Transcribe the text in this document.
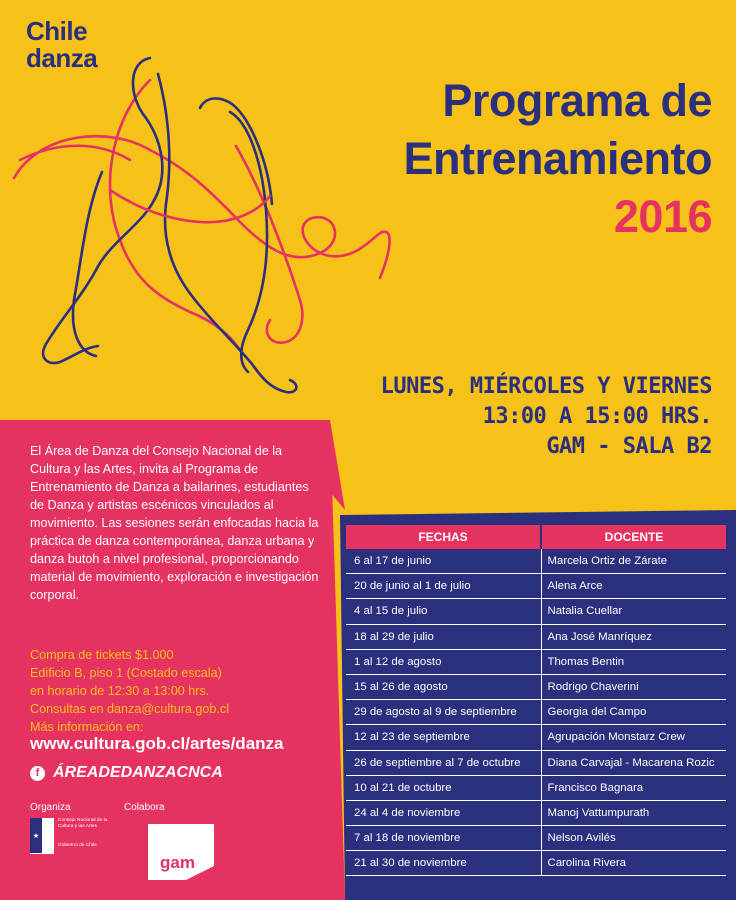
Chile
danza
Programa de
Entrenamiento
2016
LUNES, MIÉRCOLES Y VIERNES
13:00 A 15:00 HRS.
GAM - SALA B2

El Área de Danza del Consejo Nacional de la Cultura y las Artes, invita al Programa de Entrenamiento de Danza a bailarines, estudiantes de Danza y artistas escénicos vinculados al movimiento. Las sesiones serán enfocadas hacia la práctica de danza contemporánea, danza urbana y danza butoh a nivel profesional, proporcionando material de movimiento, exploración e investigación corporal.

Compra de tickets $1.000
Edificio B, piso 1 (Costado escala)
en horario de 12:30 a 13:00 hrs.
Consultas en danza@cultura.gob.cl
Más información en:
www.cultura.gob.cl/artes/danza
f ÁREADEDANZACNCA
Organiza	Colabora
★
Consejo Nacional de la Cultura y las Artes
Gobierno de Chile
gam
FECHAS	DOCENTE
6 al 17 de junio	Marcela Ortiz de Zárate
20 de junio al 1 de julio	Alena Arce
4 al 15 de julio	Natalia Cuellar
18 al 29 de julio	Ana José Manríquez
1 al 12 de agosto	Thomas Bentin
15 al 26 de agosto	Rodrigo Chaverini
29 de agosto al 9 de septiembre	Georgia del Campo
12 al 23 de septiembre	Agrupación Monstarz Crew
26 de septiembre al 7 de octubre	Diana Carvajal - Macarena Rozic
10 al 21 de octubre	Francisco Bagnara
24 al 4 de noviembre	Manoj Vattumpurath
7 al 18 de noviembre	Nelson Avilés
21 al 30 de noviembre	Carolina Rivera
